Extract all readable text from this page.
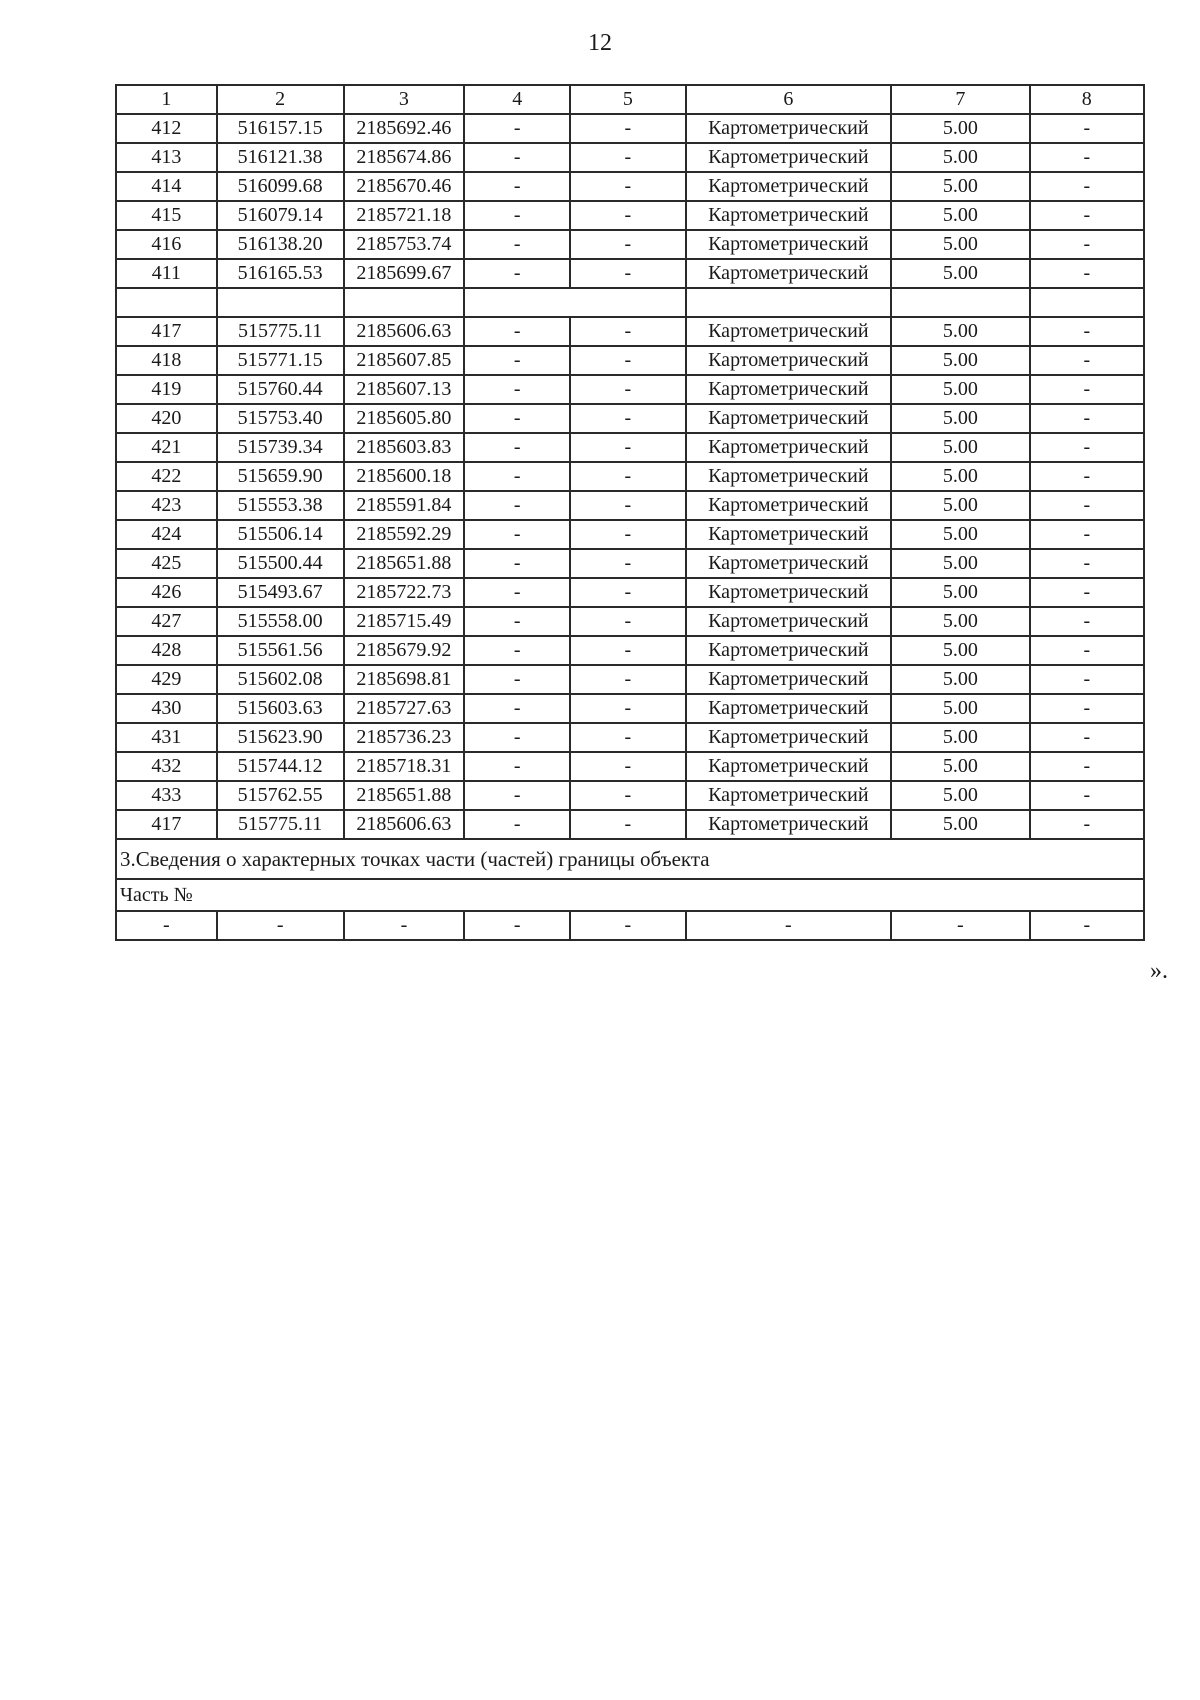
12
1	2	3	4	5	6	7	8
412	516157.15	2185692.46	-	-	Картометрический	5.00	-
413	516121.38	2185674.86	-	-	Картометрический	5.00	-
414	516099.68	2185670.46	-	-	Картометрический	5.00	-
415	516079.14	2185721.18	-	-	Картометрический	5.00	-
416	516138.20	2185753.74	-	-	Картометрический	5.00	-
411	516165.53	2185699.67	-	-	Картометрический	5.00	-

417	515775.11	2185606.63	-	-	Картометрический	5.00	-
418	515771.15	2185607.85	-	-	Картометрический	5.00	-
419	515760.44	2185607.13	-	-	Картометрический	5.00	-
420	515753.40	2185605.80	-	-	Картометрический	5.00	-
421	515739.34	2185603.83	-	-	Картометрический	5.00	-
422	515659.90	2185600.18	-	-	Картометрический	5.00	-
423	515553.38	2185591.84	-	-	Картометрический	5.00	-
424	515506.14	2185592.29	-	-	Картометрический	5.00	-
425	515500.44	2185651.88	-	-	Картометрический	5.00	-
426	515493.67	2185722.73	-	-	Картометрический	5.00	-
427	515558.00	2185715.49	-	-	Картометрический	5.00	-
428	515561.56	2185679.92	-	-	Картометрический	5.00	-
429	515602.08	2185698.81	-	-	Картометрический	5.00	-
430	515603.63	2185727.63	-	-	Картометрический	5.00	-
431	515623.90	2185736.23	-	-	Картометрический	5.00	-
432	515744.12	2185718.31	-	-	Картометрический	5.00	-
433	515762.55	2185651.88	-	-	Картометрический	5.00	-
417	515775.11	2185606.63	-	-	Картометрический	5.00	-
3.Сведения о характерных точках части (частей) границы объекта							
Часть №							
-	-	-	-	-	-	-	-
».
